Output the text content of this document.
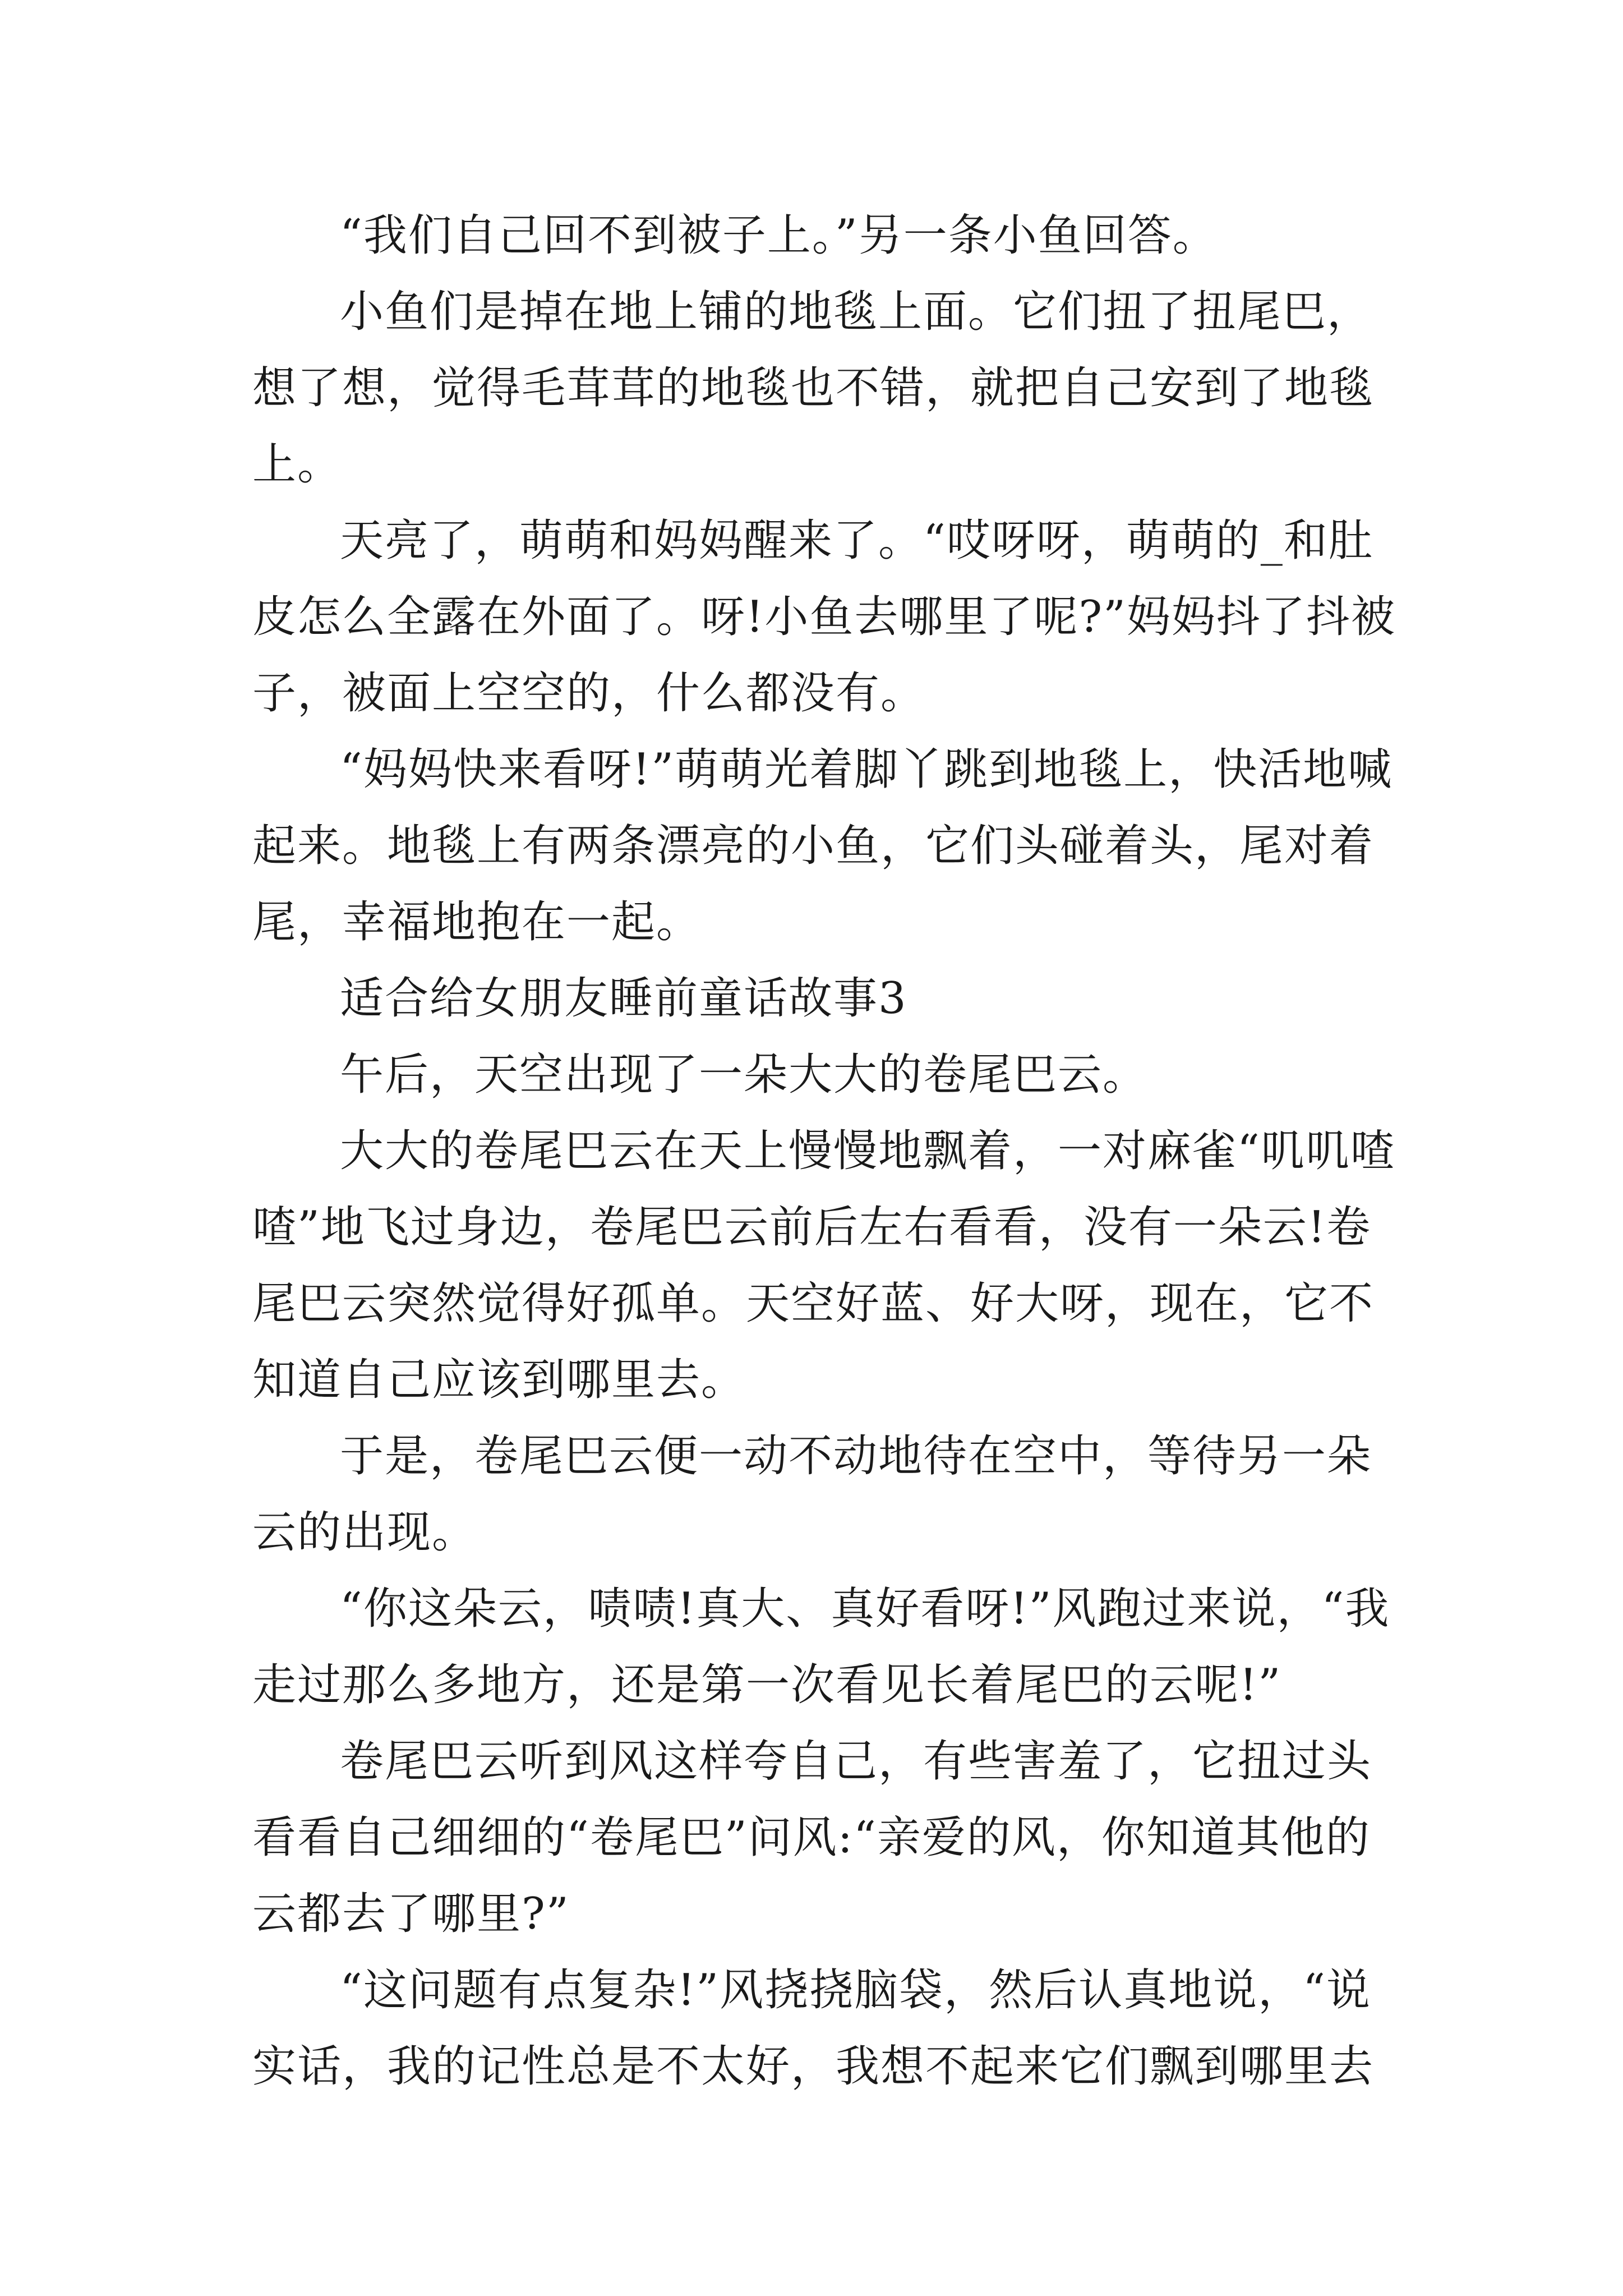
“我们自己回不到被子上。”另一条小鱼回答。

小鱼们是掉在地上铺的地毯上面。它们扭了扭尾巴，想了想，觉得毛茸茸的地毯也不错，就把自己安到了地毯上。

天亮了，萌萌和妈妈醒来了。“哎呀呀，萌萌的_和肚皮怎么全露在外面了。呀!小鱼去哪里了呢?”妈妈抖了抖被子，被面上空空的，什么都没有。

“妈妈快来看呀!”萌萌光着脚丫跳到地毯上，快活地喊起来。地毯上有两条漂亮的小鱼，它们头碰着头，尾对着尾，幸福地抱在一起。

适合给女朋友睡前童话故事3

午后，天空出现了一朵大大的卷尾巴云。

大大的卷尾巴云在天上慢慢地飘着，一对麻雀“叽叽喳喳”地飞过身边，卷尾巴云前后左右看看，没有一朵云!卷尾巴云突然觉得好孤单。天空好蓝、好大呀，现在，它不知道自己应该到哪里去。

于是，卷尾巴云便一动不动地待在空中，等待另一朵云的出现。

“你这朵云，啧啧!真大、真好看呀!”风跑过来说，“我走过那么多地方，还是第一次看见长着尾巴的云呢!”

卷尾巴云听到风这样夸自己，有些害羞了，它扭过头看看自己细细的“卷尾巴”问风:“亲爱的风，你知道其他的云都去了哪里?”

“这问题有点复杂!”风挠挠脑袋，然后认真地说，“说实话，我的记性总是不太好，我想不起来它们飘到哪里去
